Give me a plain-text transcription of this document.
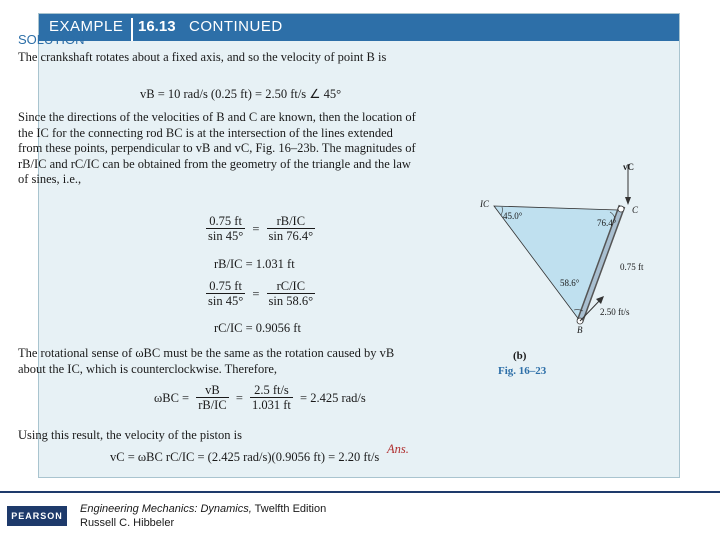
EXAMPLE 16.13 CONTINUED
SOLUTION
The crankshaft rotates about a fixed axis, and so the velocity of point B is
vB = 10 rad/s (0.25 ft) = 2.50 ft/s ∠ 45°
Since the directions of the velocities of B and C are known, then the location of the IC for the connecting rod BC is at the intersection of the lines extended from these points, perpendicular to vB and vC, Fig. 16–23b. The magnitudes of rB/IC and rC/IC can be obtained from the geometry of the triangle and the law of sines, i.e.,
$\frac{0.75 ft}{\sin 45^\circ} = \frac{rB/IC}{\sin 76.4^\circ}$
rB/IC = 1.031 ft
$\frac{0.75 ft}{\sin 45^\circ} = \frac{rC/IC}{\sin 58.6^\circ}$
rC/IC = 0.9056 ft
The rotational sense of ωBC must be the same as the rotation caused by vB about the IC, which is counterclockwise. Therefore,
$\omega BC = \frac{vB}{rB/IC} = \frac{2.5 ft/s}{1.031 ft} = 2.425$ rad/s
Using this result, the velocity of the piston is
vC = ωBC rC/IC = (2.425 rad/s)(0.9056 ft) = 2.20 ft/s
Ans.
IC
C
B
vC
45.0°
76.4°
58.6°
0.75 ft
2.50 ft/s
(b)
Fig. 16–23
PEARSON
Engineering Mechanics: Dynamics, Twelfth Edition
Russell C. Hibbeler
